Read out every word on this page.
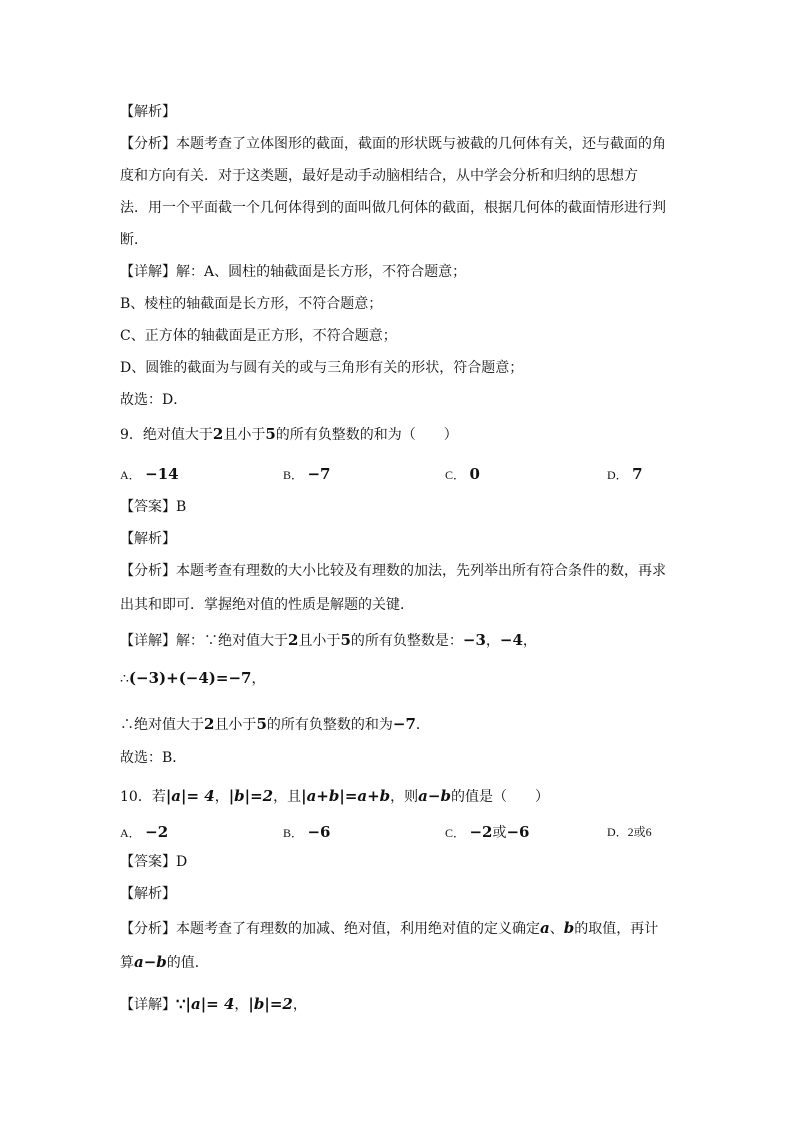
【解析】
【分析】本题考查了立体图形的截面，截面的形状既与被截的几何体有关，还与截面的角
度和方向有关．对于这类题，最好是动手动脑相结合，从中学会分析和归纳的思想方
法．用一个平面截一个几何体得到的面叫做几何体的截面，根据几何体的截面情形进行判
断．
【详解】解：A、圆柱的轴截面是长方形，不符合题意；
B、棱柱的轴截面是长方形，不符合题意；
C、正方体的轴截面是正方形，不符合题意；
D、圆锥的截面为与圆有关的或与三角形有关的形状，符合题意；
故选：D．
9．绝对值大于2且小于5的所有负整数的和为（　　）
A． −14	B． −7	C． 0	D． 7
【答案】B
【解析】
【分析】本题考查有理数的大小比较及有理数的加法，先列举出所有符合条件的数，再求
出其和即可．掌握绝对值的性质是解题的关键．
【详解】解：∵绝对值大于2且小于5的所有负整数是：−3，−4，
∴(−3)+(−4)=−7，
∴绝对值大于2且小于5的所有负整数的和为−7．
故选：B．
10．若|a|= 4，|b|=2，且|a+b|=a+b，则a−b的值是（　　）
A． −2	B． −6	C． −2或−6	D．2或6
【答案】D
【解析】
【分析】本题考查了有理数的加减、绝对值，利用绝对值的定义确定a、b的取值，再计
算a−b的值．
【详解】∵|a|= 4，|b|=2，
